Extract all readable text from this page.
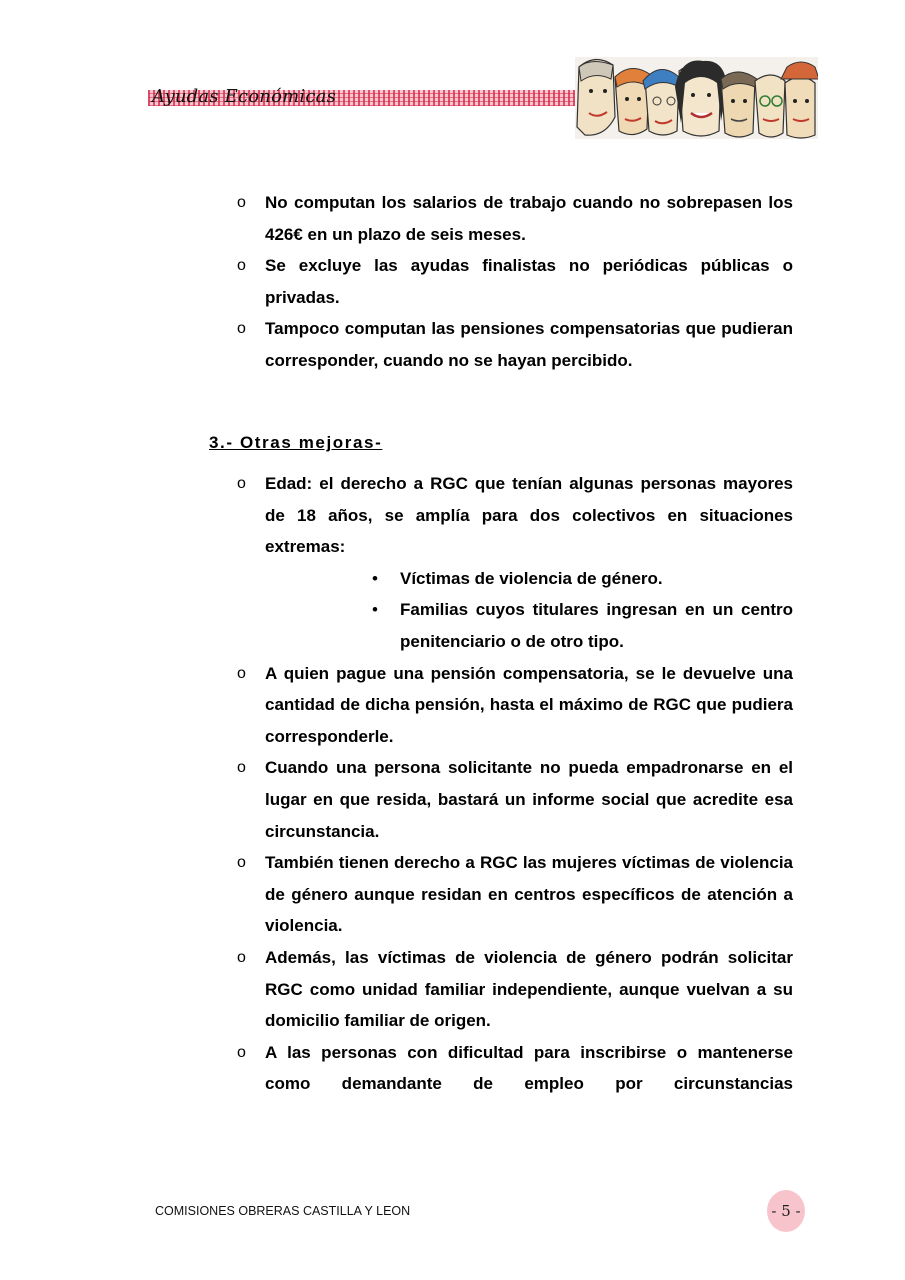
Ayudas Económicas
o No computan los salarios de trabajo cuando no sobrepasen los 426€ en un plazo de seis meses.
o Se excluye las ayudas finalistas no periódicas públicas o privadas.
o Tampoco computan las pensiones compensatorias que pudieran corresponder, cuando no se hayan percibido.
3.- Otras mejoras-
o Edad: el derecho a RGC que tenían algunas personas mayores de 18 años, se amplía para dos colectivos en situaciones extremas:
• Víctimas de violencia de género.
• Familias cuyos titulares ingresan en un centro penitenciario o de otro tipo.
o A quien pague una pensión compensatoria, se le devuelve una cantidad de dicha pensión, hasta el máximo de RGC que pudiera corresponderle.
o Cuando una persona solicitante no pueda empadronarse en el lugar en que resida, bastará un informe social que acredite esa circunstancia.
o También tienen derecho a RGC las mujeres víctimas de violencia de género aunque residan en centros específicos de atención a violencia.
o Además, las víctimas de violencia de género podrán solicitar RGC como unidad familiar independiente, aunque vuelvan a su domicilio familiar de origen.
o A las personas con dificultad para inscribirse o mantenerse como demandante de empleo por circunstancias
COMISIONES OBRERAS CASTILLA Y LEON	- 5 -
